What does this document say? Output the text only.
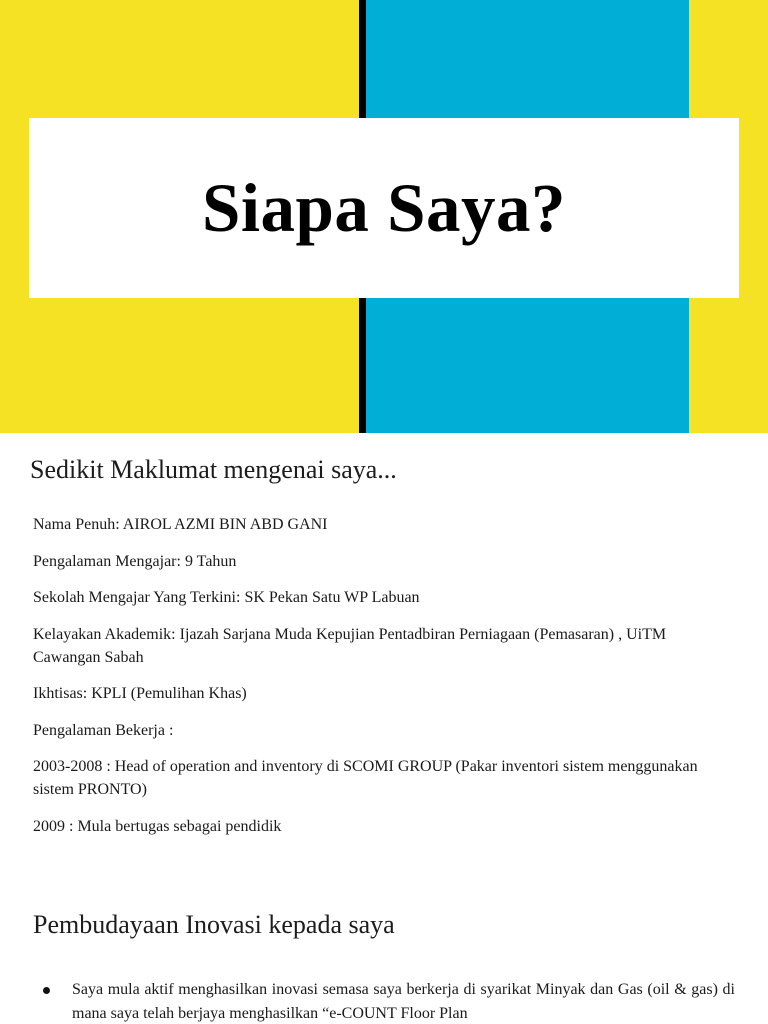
Siapa Saya?
Sedikit Maklumat mengenai saya...
Nama Penuh: AIROL AZMI BIN ABD GANI
Pengalaman Mengajar: 9 Tahun
Sekolah Mengajar Yang Terkini: SK Pekan Satu WP Labuan
Kelayakan Akademik: Ijazah Sarjana Muda Kepujian Pentadbiran Perniagaan (Pemasaran) , UiTM Cawangan Sabah
Ikhtisas: KPLI (Pemulihan Khas)
Pengalaman Bekerja :
2003-2008 : Head of operation and inventory di SCOMI GROUP (Pakar inventori sistem menggunakan sistem PRONTO)
2009 : Mula bertugas sebagai pendidik
Pembudayaan Inovasi kepada saya
Saya mula aktif menghasilkan inovasi semasa saya berkerja di syarikat Minyak dan Gas (oil & gas) di mana saya telah berjaya menghasilkan “e-COUNT Floor Plan
